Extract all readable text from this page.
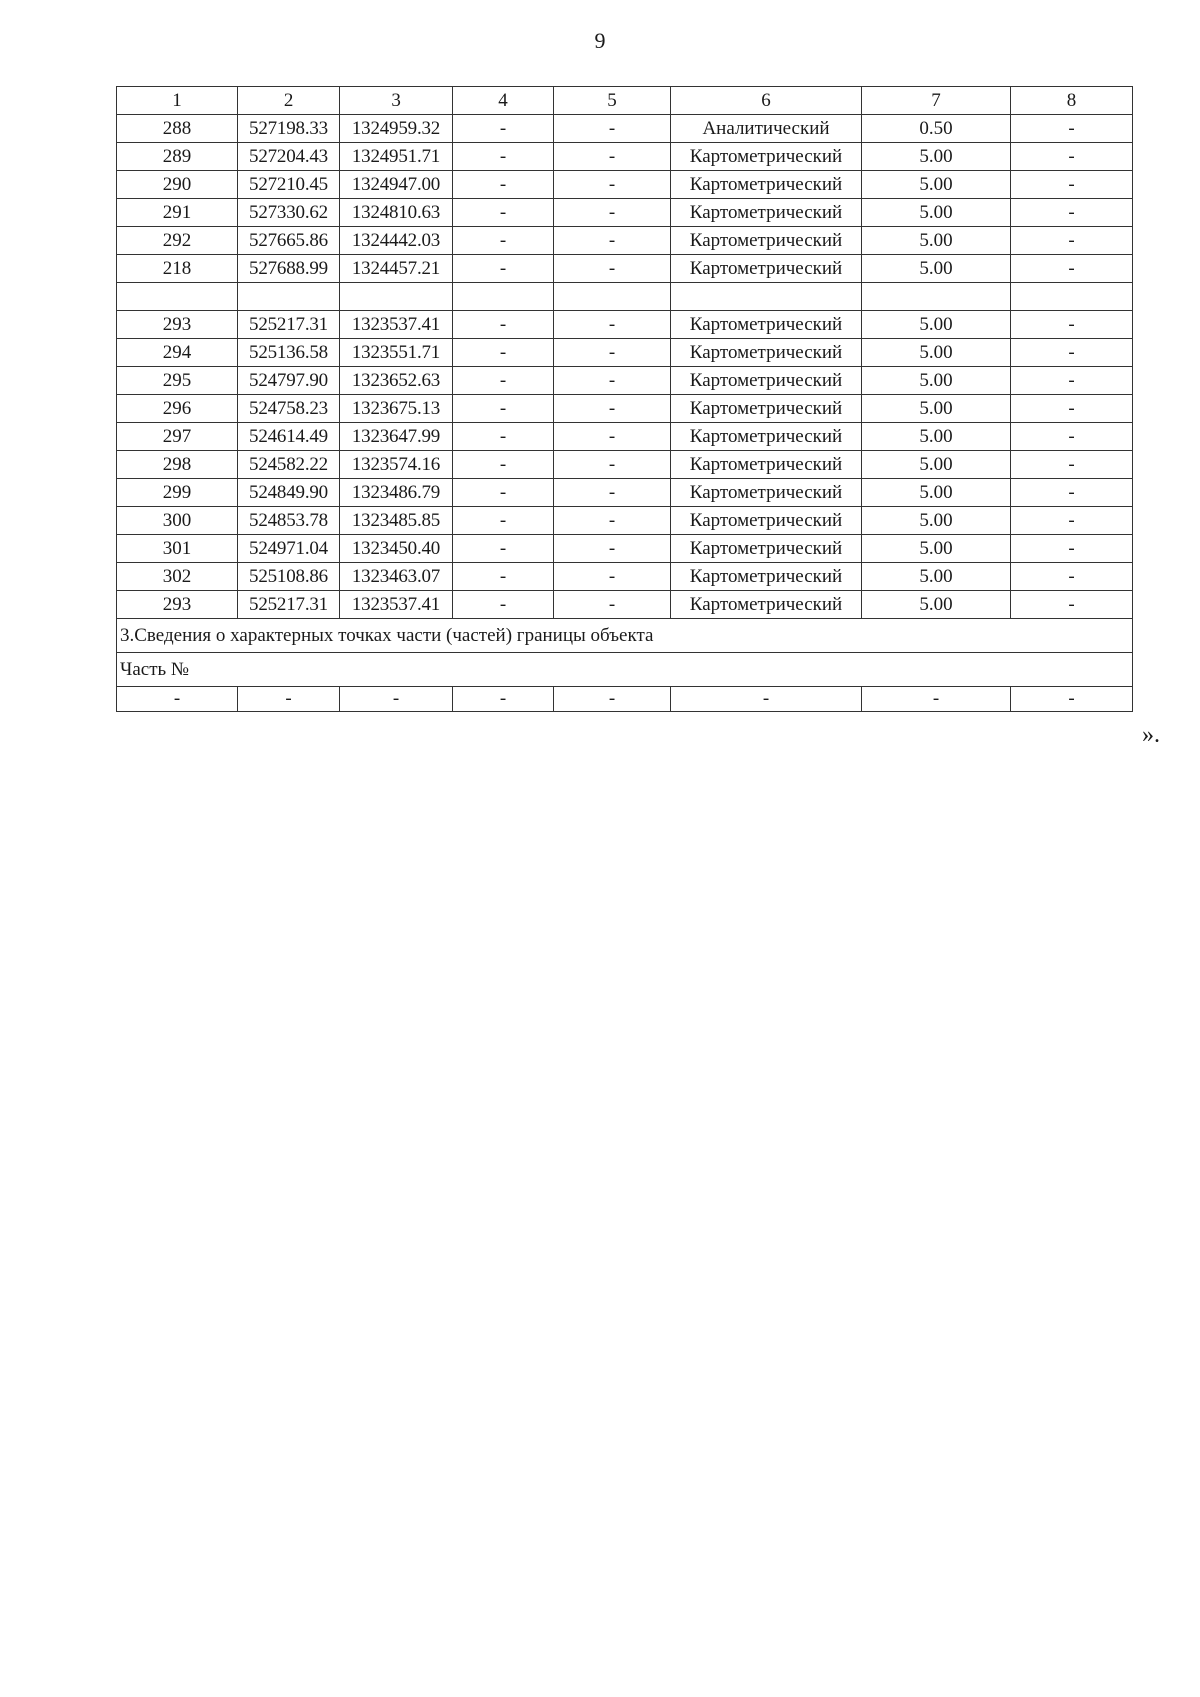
9
1	2	3	4	5	6	7	8
288	527198.33	1324959.32	-	-	Аналитический	0.50	-
289	527204.43	1324951.71	-	-	Картометрический	5.00	-
290	527210.45	1324947.00	-	-	Картометрический	5.00	-
291	527330.62	1324810.63	-	-	Картометрический	5.00	-
292	527665.86	1324442.03	-	-	Картометрический	5.00	-
218	527688.99	1324457.21	-	-	Картометрический	5.00	-

293	525217.31	1323537.41	-	-	Картометрический	5.00	-
294	525136.58	1323551.71	-	-	Картометрический	5.00	-
295	524797.90	1323652.63	-	-	Картометрический	5.00	-
296	524758.23	1323675.13	-	-	Картометрический	5.00	-
297	524614.49	1323647.99	-	-	Картометрический	5.00	-
298	524582.22	1323574.16	-	-	Картометрический	5.00	-
299	524849.90	1323486.79	-	-	Картометрический	5.00	-
300	524853.78	1323485.85	-	-	Картометрический	5.00	-
301	524971.04	1323450.40	-	-	Картометрический	5.00	-
302	525108.86	1323463.07	-	-	Картометрический	5.00	-
293	525217.31	1323537.41	-	-	Картометрический	5.00	-
3.Сведения о характерных точках части (частей) границы объекта							
Часть №							
-	-	-	-	-	-	-	-
».
